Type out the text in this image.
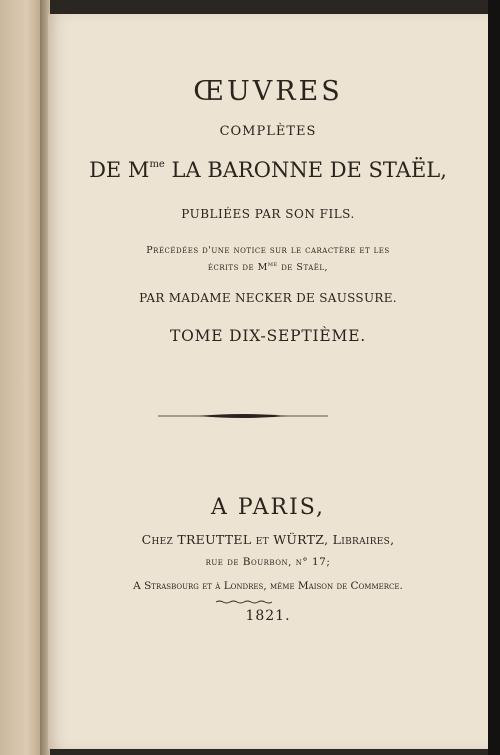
ŒUVRES
COMPLÈTES
DE $M^{me}$ LA BARONNE DE STAËL,
PUBLIÉES PAR SON FILS.
Précédées d'une notice sur le caractère et les
écrits de $M^{me}$ de Staël,
PAR MADAME NECKER DE SAUSSURE.
TOME DIX-SEPTIÈME.
A PARIS,
Chez TREUTTEL et WÜRTZ, Libraires,
rue de Bourbon, n° 17;
A Strasbourg et à Londres, même Maison de Commerce.
1821.
